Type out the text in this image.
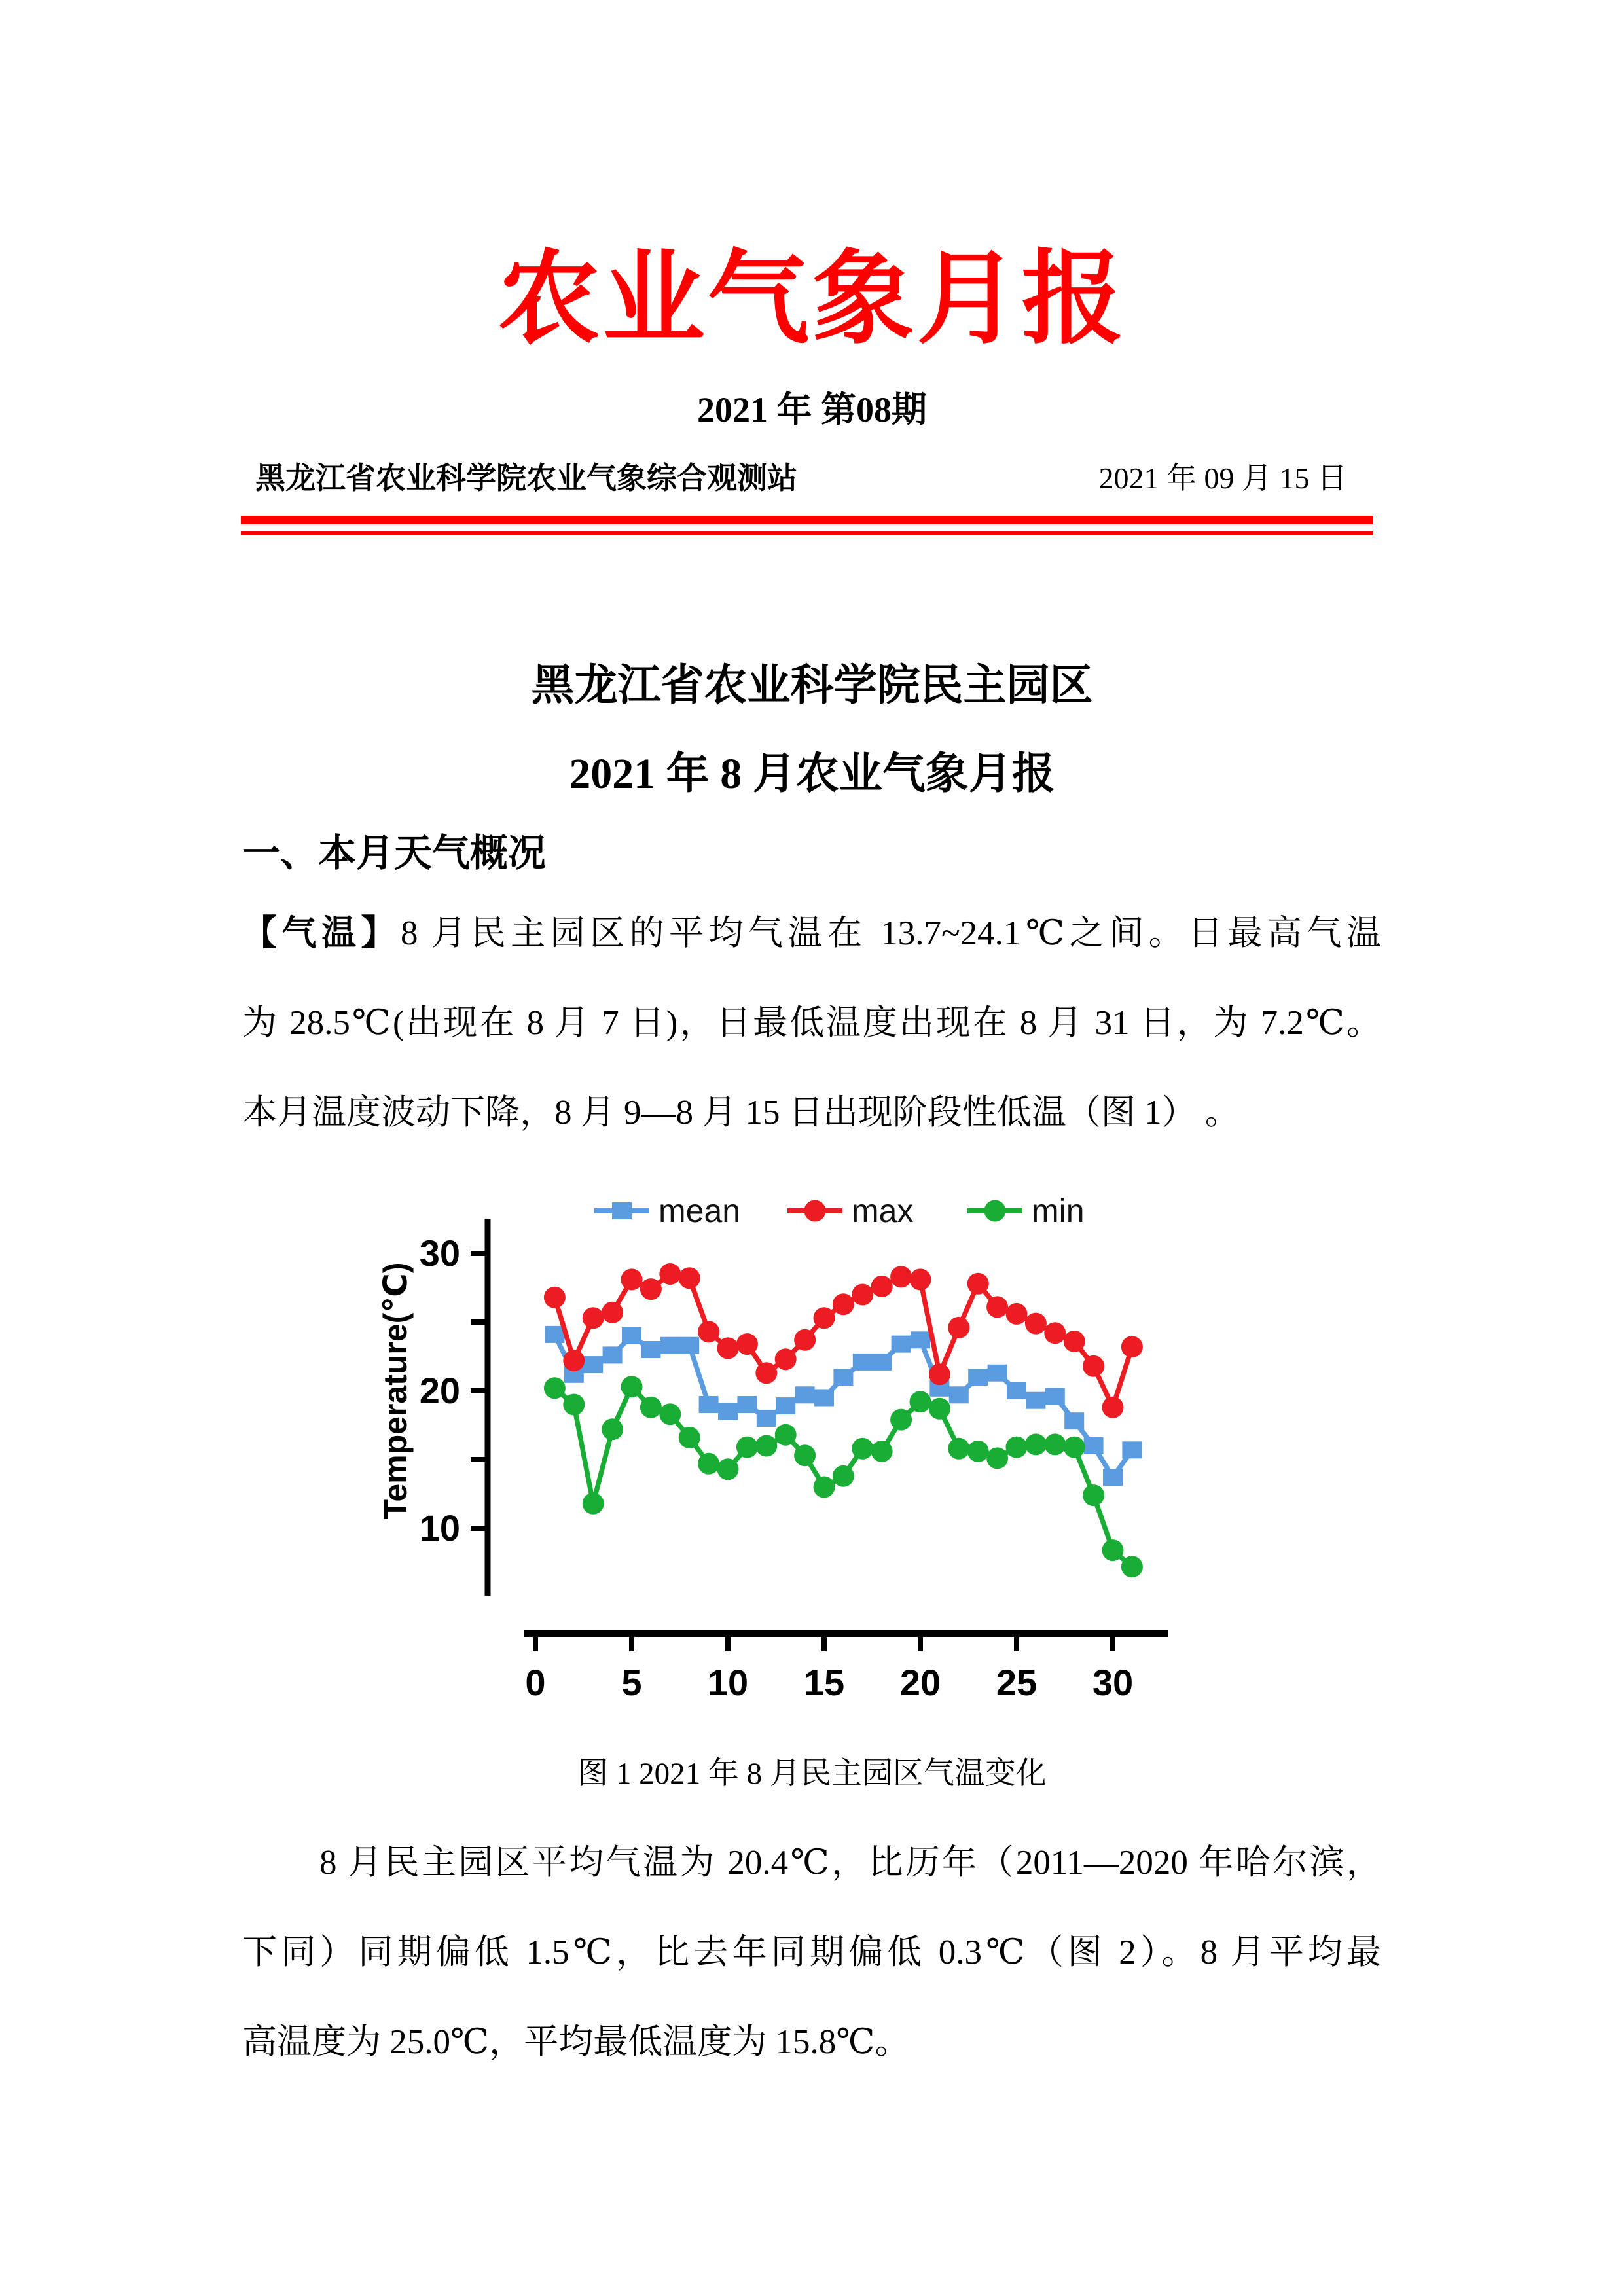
农业气象月报
2021 年 第08期
黑龙江省农业科学院农业气象综合观测站	2021 年 09 月 15 日
黑龙江省农业科学院民主园区
2021 年 8 月农业气象月报
一、本月天气概况
【气温】8 月民主园区的平均气温在 13.7~24.1℃之间。日最高气温
为 28.5℃(出现在 8 月 7 日)，日最低温度出现在 8 月 31 日，为 7.2℃。
本月温度波动下降，8 月 9—8 月 15 日出现阶段性低温（图 1） 。
30
20
10
Temperature(℃)
0 5 10 15 20 25 30
mean	max	min
图 1 2021 年 8 月民主园区气温变化
8 月民主园区平均气温为 20.4℃，比历年（2011—2020 年哈尔滨，
下同）同期偏低 1.5℃，比去年同期偏低 0.3℃（图 2）。8 月平均最
高温度为 25.0℃，平均最低温度为 15.8℃。
